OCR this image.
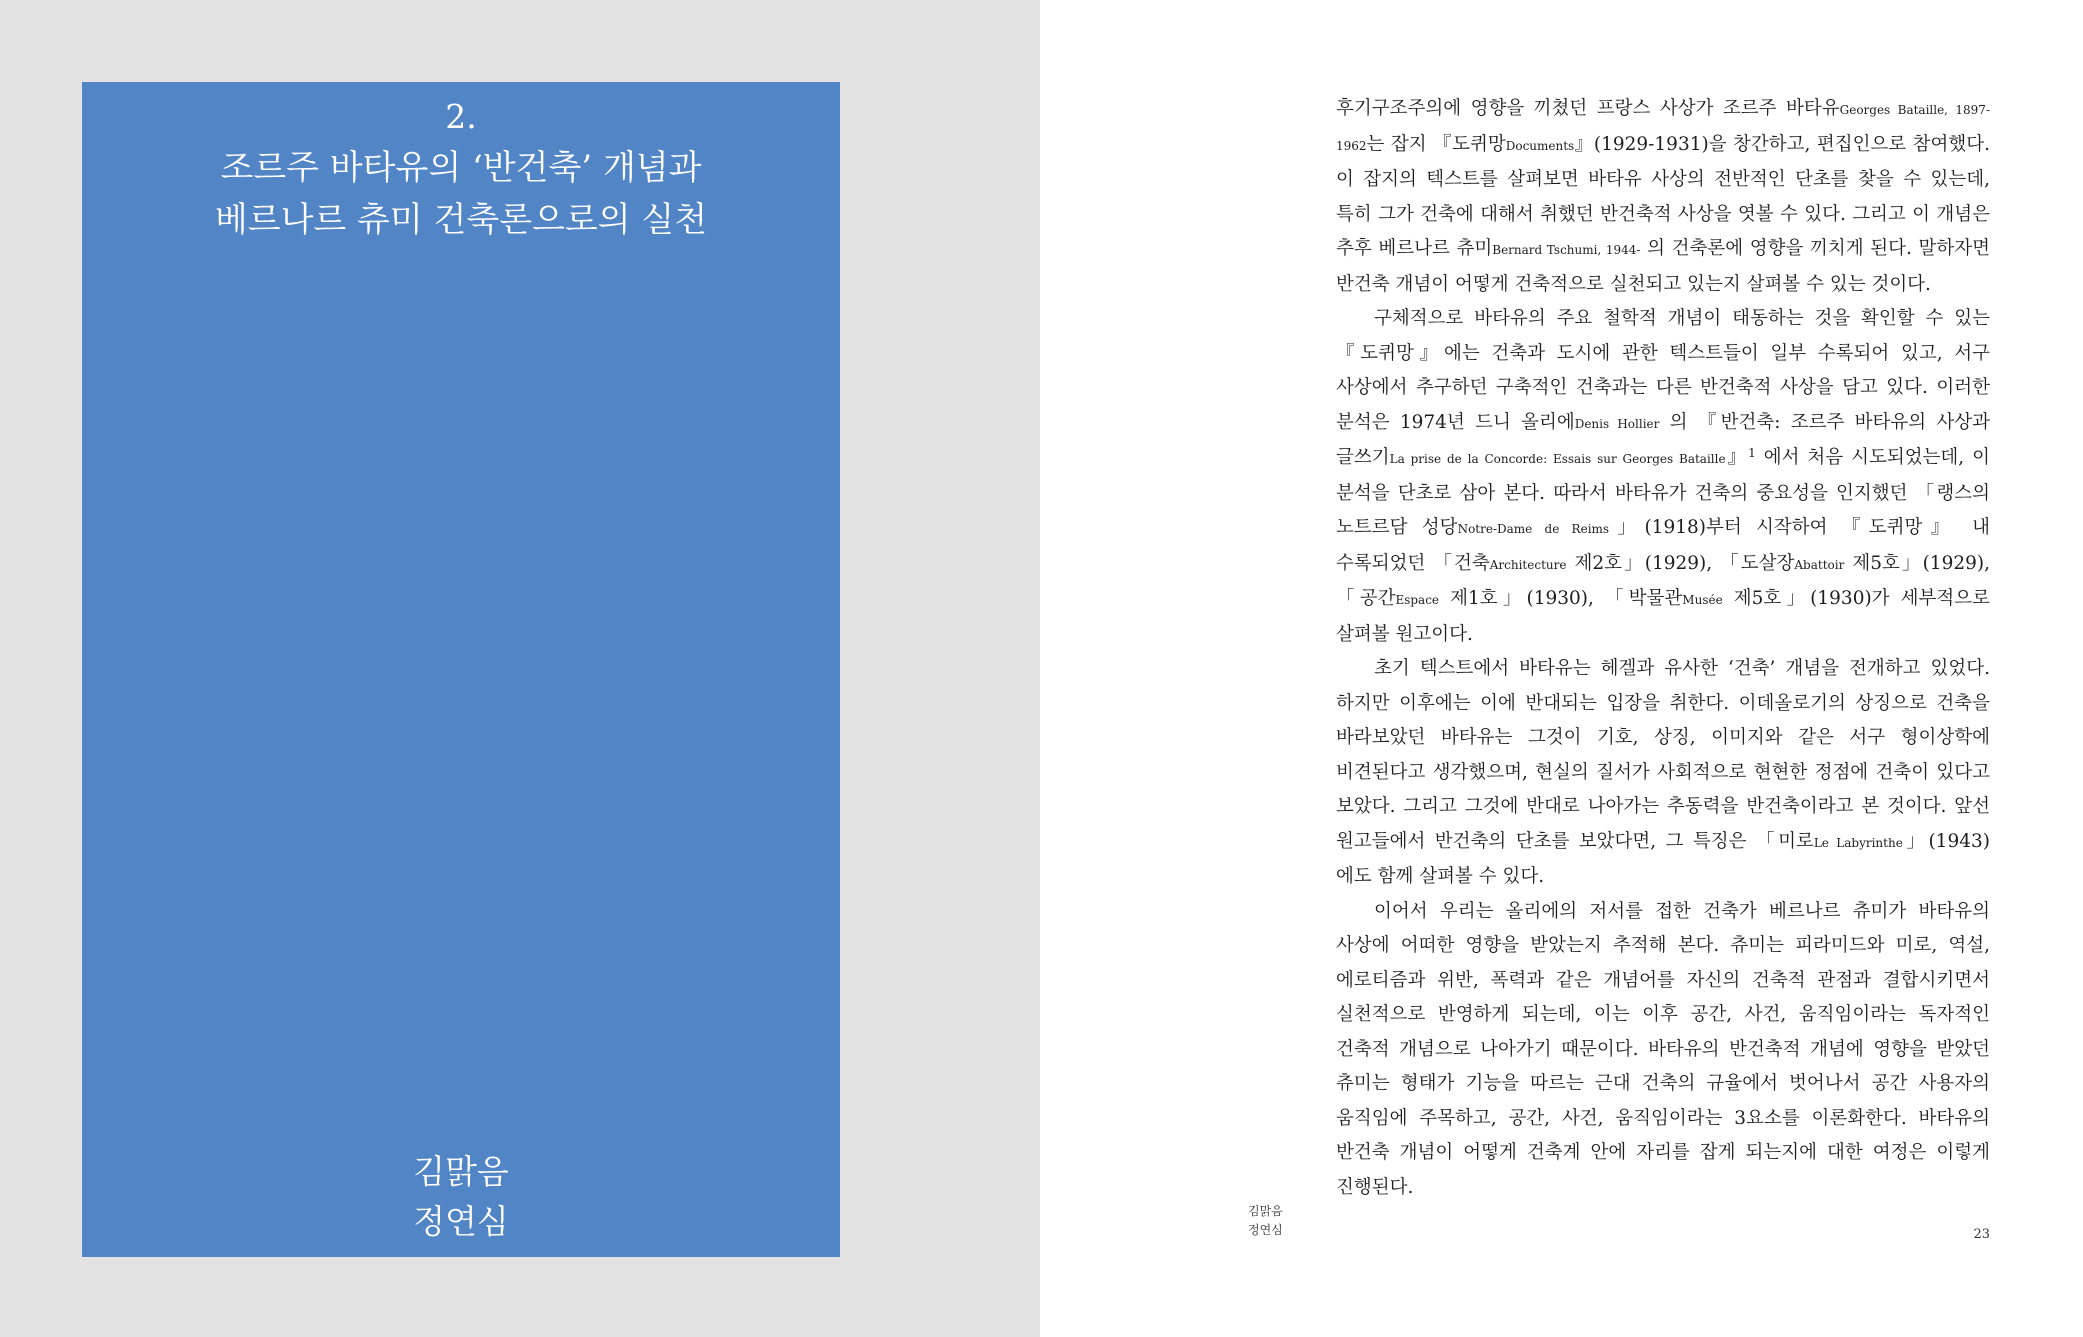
2.
조르주 바타유의 ‘반건축’ 개념과
베르나르 츄미 건축론으로의 실천
김맑음
정연심

후기구조주의에 영향을 끼쳤던 프랑스 사상가 조르주 바타유Georges Bataille, 1897-1962는 잡지 『도퀴망Documents』(1929-1931)을 창간하고, 편집인으로 참여했다. 이 잡지의 텍스트를 살펴보면 바타유 사상의 전반적인 단초를 찾을 수 있는데, 특히 그가 건축에 대해서 취했던 반건축적 사상을 엿볼 수 있다. 그리고 이 개념은 추후 베르나르 츄미Bernard Tschumi, 1944- 의 건축론에 영향을 끼치게 된다. 말하자면 반건축 개념이 어떻게 건축적으로 실천되고 있는지 살펴볼 수 있는 것이다.

구체적으로 바타유의 주요 철학적 개념이 태동하는 것을 확인할 수 있는 『도퀴망』에는 건축과 도시에 관한 텍스트들이 일부 수록되어 있고, 서구 사상에서 추구하던 구축적인 건축과는 다른 반건축적 사상을 담고 있다. 이러한 분석은 1974년 드니 올리에Denis Hollier 의 『반건축: 조르주 바타유의 사상과 글쓰기La prise de la Concorde: Essais sur Georges Bataille』$^1$ 에서 처음 시도되었는데, 이 분석을 단초로 삼아 본다. 따라서 바타유가 건축의 중요성을 인지했던 「랭스의 노트르담 성당Notre-Dame de Reims」(1918)부터 시작하여 『도퀴망』 내 수록되었던 「건축Architecture 제2호」(1929), 「도살장Abattoir 제5호」(1929), 「공간Espace 제1호」(1930), 「박물관Musée 제5호」(1930)가 세부적으로 살펴볼 원고이다.

초기 텍스트에서 바타유는 헤겔과 유사한 ‘건축’ 개념을 전개하고 있었다. 하지만 이후에는 이에 반대되는 입장을 취한다. 이데올로기의 상징으로 건축을 바라보았던 바타유는 그것이 기호, 상징, 이미지와 같은 서구 형이상학에 비견된다고 생각했으며, 현실의 질서가 사회적으로 현현한 정점에 건축이 있다고 보았다. 그리고 그것에 반대로 나아가는 추동력을 반건축이라고 본 것이다. 앞선 원고들에서 반건축의 단초를 보았다면, 그 특징은 「미로Le Labyrinthe」(1943)에도 함께 살펴볼 수 있다.

이어서 우리는 올리에의 저서를 접한 건축가 베르나르 츄미가 바타유의 사상에 어떠한 영향을 받았는지 추적해 본다. 츄미는 피라미드와 미로, 역설, 에로티즘과 위반, 폭력과 같은 개념어를 자신의 건축적 관점과 결합시키면서 실천적으로 반영하게 되는데, 이는 이후 공간, 사건, 움직임이라는 독자적인 건축적 개념으로 나아가기 때문이다. 바타유의 반건축적 개념에 영향을 받았던 츄미는 형태가 기능을 따르는 근대 건축의 규율에서 벗어나서 공간 사용자의 움직임에 주목하고, 공간, 사건, 움직임이라는 3요소를 이론화한다. 바타유의 반건축 개념이 어떻게 건축계 안에 자리를 잡게 되는지에 대한 여정은 이렇게 진행된다.

김맑음
정연심	23
